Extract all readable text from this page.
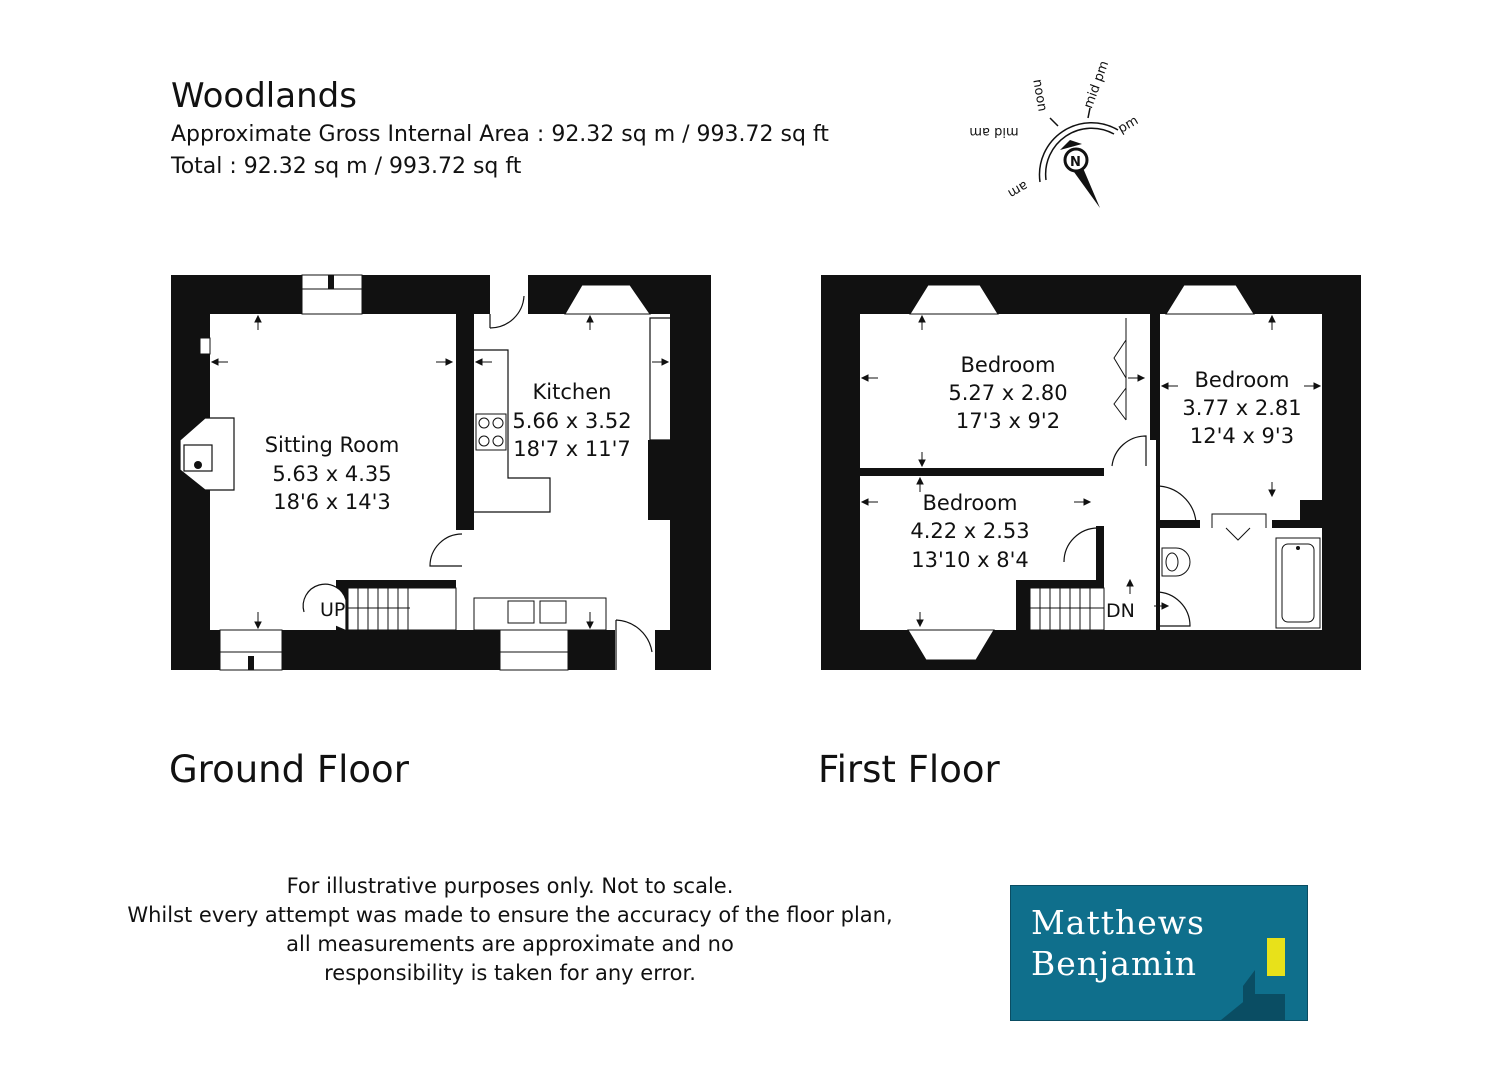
Woodlands
Approximate Gross Internal Area : 92.32 sq m / 993.72 sq ft
Total : 92.32 sq m / 993.72 sq ft	N
mid am
am
noon mid pm
pm
UP
Sitting Room
5.63 x 4.35
18'6 x 14'3
Kitchen
5.66 x 3.52
18'7 x 11'7
DN
Bedroom
5.27 x 2.80
17'3 x 9'2
Bedroom
3.77 x 2.81
12'4 x 9'3
Bedroom
4.22 x 2.53
13'10 x 8'4
Ground Floor	First Floor
For illustrative purposes only. Not to scale.
Whilst every attempt was made to ensure the accuracy of the floor plan,
all measurements are approximate and no
responsibility is taken for any error.
Matthews
Benjamin
